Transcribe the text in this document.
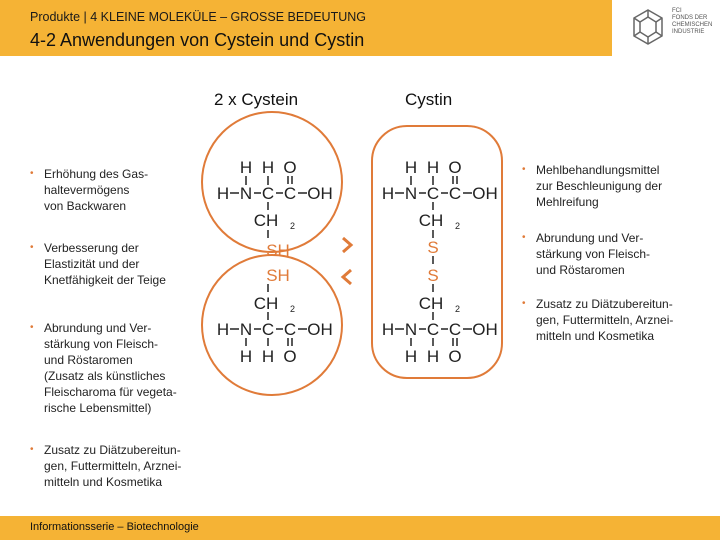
Produkte | 4 KLEINE MOLEKÜLE – GROSSE BEDEUTUNG
4-2 Anwendungen von Cystein und Cystin
FCI
FONDS DER
CHEMISCHEN
INDUSTRIE
2 x Cystein	Cystin
• Erhöhung des Gas-
haltevermögens
von Backwaren
• Verbesserung der
Elastizität und der
Knetfähigkeit der Teige
• Abrundung und Ver-
stärkung von Fleisch-
und Röstaromen
(Zusatz als künstliches
Fleischaroma für vegeta-
rische Lebensmittel)
• Zusatz zu Diätzubereitun-
gen, Futtermitteln, Arznei-
mitteln und Kosmetika
• Mehlbehandlungsmittel
zur Beschleunigung der
Mehlreifung
• Abrundung und Ver-
stärkung von Fleisch-
und Röstaromen
• Zusatz zu Diätzubereitun-
gen, Futtermitteln, Arznei-
mitteln und Kosmetika
H H O
H N C C OH
CH
SH
SH
CH
H N C C OH
H H O
H H O
H N C C OH
CH
S
S
CH
H N C C OH
H H O
2
2
2
2
Informationsserie – Biotechnologie
